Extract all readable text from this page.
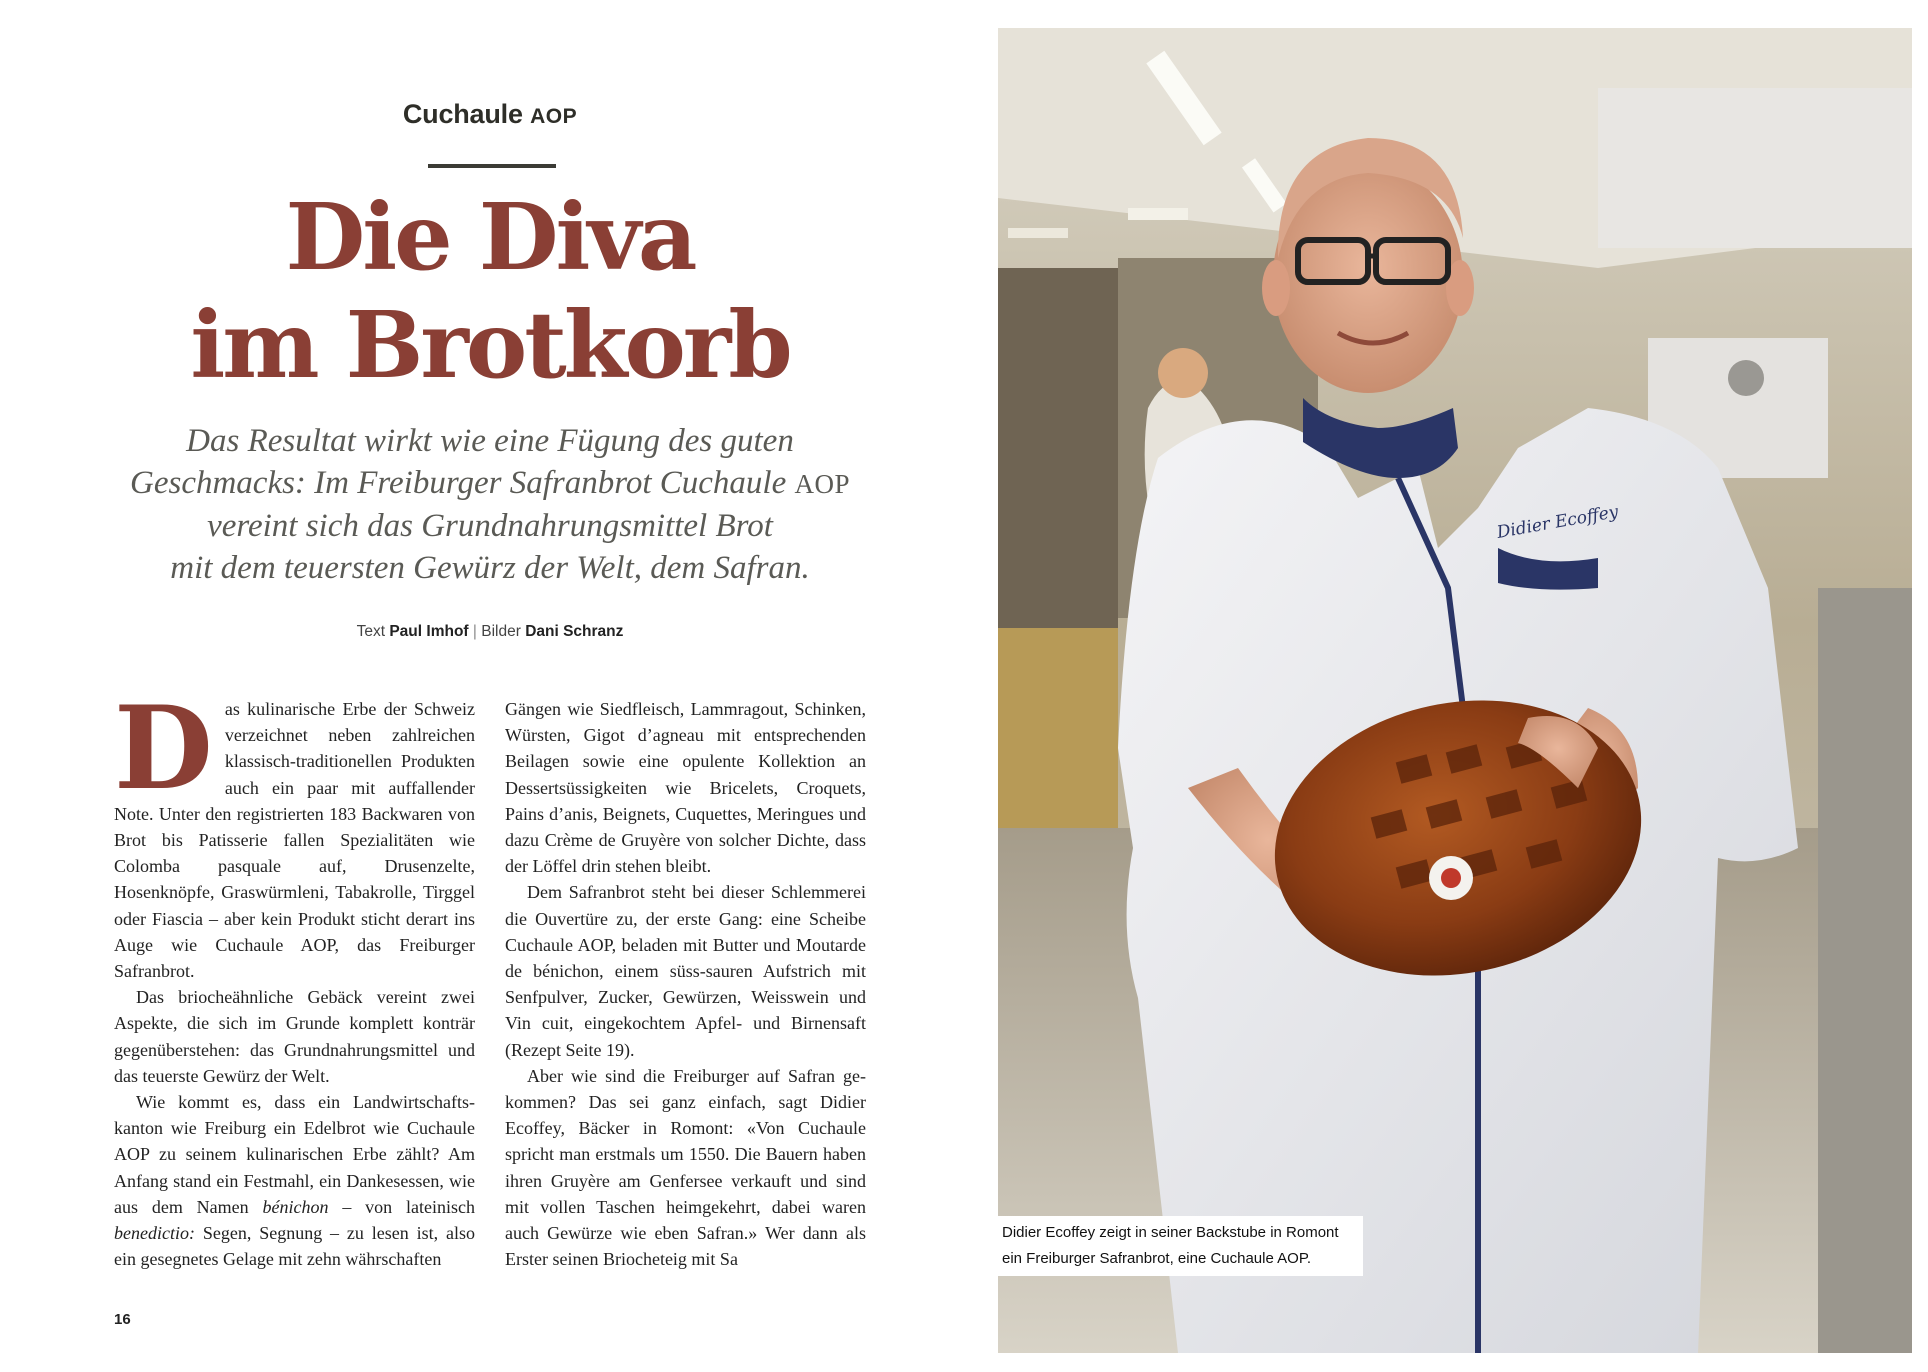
Cuchaule AOP
Die Diva
im Brotkorb
Das Resultat wirkt wie eine Fügung des guten
Geschmacks: Im Freiburger Safranbrot Cuchaule AOP
vereint sich das Grundnahrungsmittel Brot
mit dem teuersten Gewürz der Welt, dem Safran.
Text Paul Imhof | Bilder Dani Schranz

Das kulinarische Erbe der Schweiz verzeichnet neben zahlreichen klassisch-traditionellen Produkten auch ein paar mit auffallender Note. Unter den registrierten 183 Backwaren von Brot bis Patisserie fallen Spezialitäten wie Colomba pasquale auf, Drusenzelte, Hosenknöpfe, Graswürmleni, Tabakrolle, Tirggel oder Fiascia – aber kein Produkt sticht derart ins Auge wie Cuchaule AOP, das Freiburger Safranbrot.

Das briocheähnliche Gebäck vereint zwei Aspekte, die sich im Grunde komplett konträr gegenüberstehen: das Grundnahrungsmittel und das teuerste Gewürz der Welt.

Wie kommt es, dass ein Landwirtschaftskanton wie Freiburg ein Edelbrot wie Cuchaule AOP zu seinem kulinarischen Erbe zählt? Am Anfang stand ein Festmahl, ein Dankesessen, wie aus dem Namen bénichon – von lateinisch benedictio: Segen, Segnung – zu lesen ist, also ein gesegnetes Gelage mit zehn währschaften

Gängen wie Siedfleisch, Lammragout, Schinken, Würsten, Gigot d’agneau mit entsprechenden Beilagen sowie eine opulente Kollektion an Dessertsüssigkeiten wie Bricelets, Croquets, Pains d’anis, Beignets, Cuquettes, Meringues und dazu Crème de Gruyère von solcher Dichte, dass der Löffel drin stehen bleibt.

Dem Safranbrot steht bei dieser Schlemmerei die Ouvertüre zu, der erste Gang: eine Scheibe Cuchaule AOP, beladen mit Butter und Moutarde de bénichon, einem süss-sauren Aufstrich mit Senfpulver, Zucker, Gewürzen, Weisswein und Vin cuit, eingekochtem Apfel- und Birnensaft (Rezept Seite 19).

Aber wie sind die Freiburger auf Safran gekommen? Das sei ganz einfach, sagt Didier Ecoffey, Bäcker in Romont: «Von Cuchaule spricht man erstmals um 1550. Die Bauern haben ihren Gruyère am Genfersee verkauft und sind mit vollen Taschen heimgekehrt, dabei waren auch Gewürze wie eben Safran.» Wer dann als Erster seinen Briocheteig mit Sa

16
Didier Ecoffey
Didier Ecoffey zeigt in seiner Backstube in Romont
ein Freiburger Safranbrot, eine Cuchaule AOP.
